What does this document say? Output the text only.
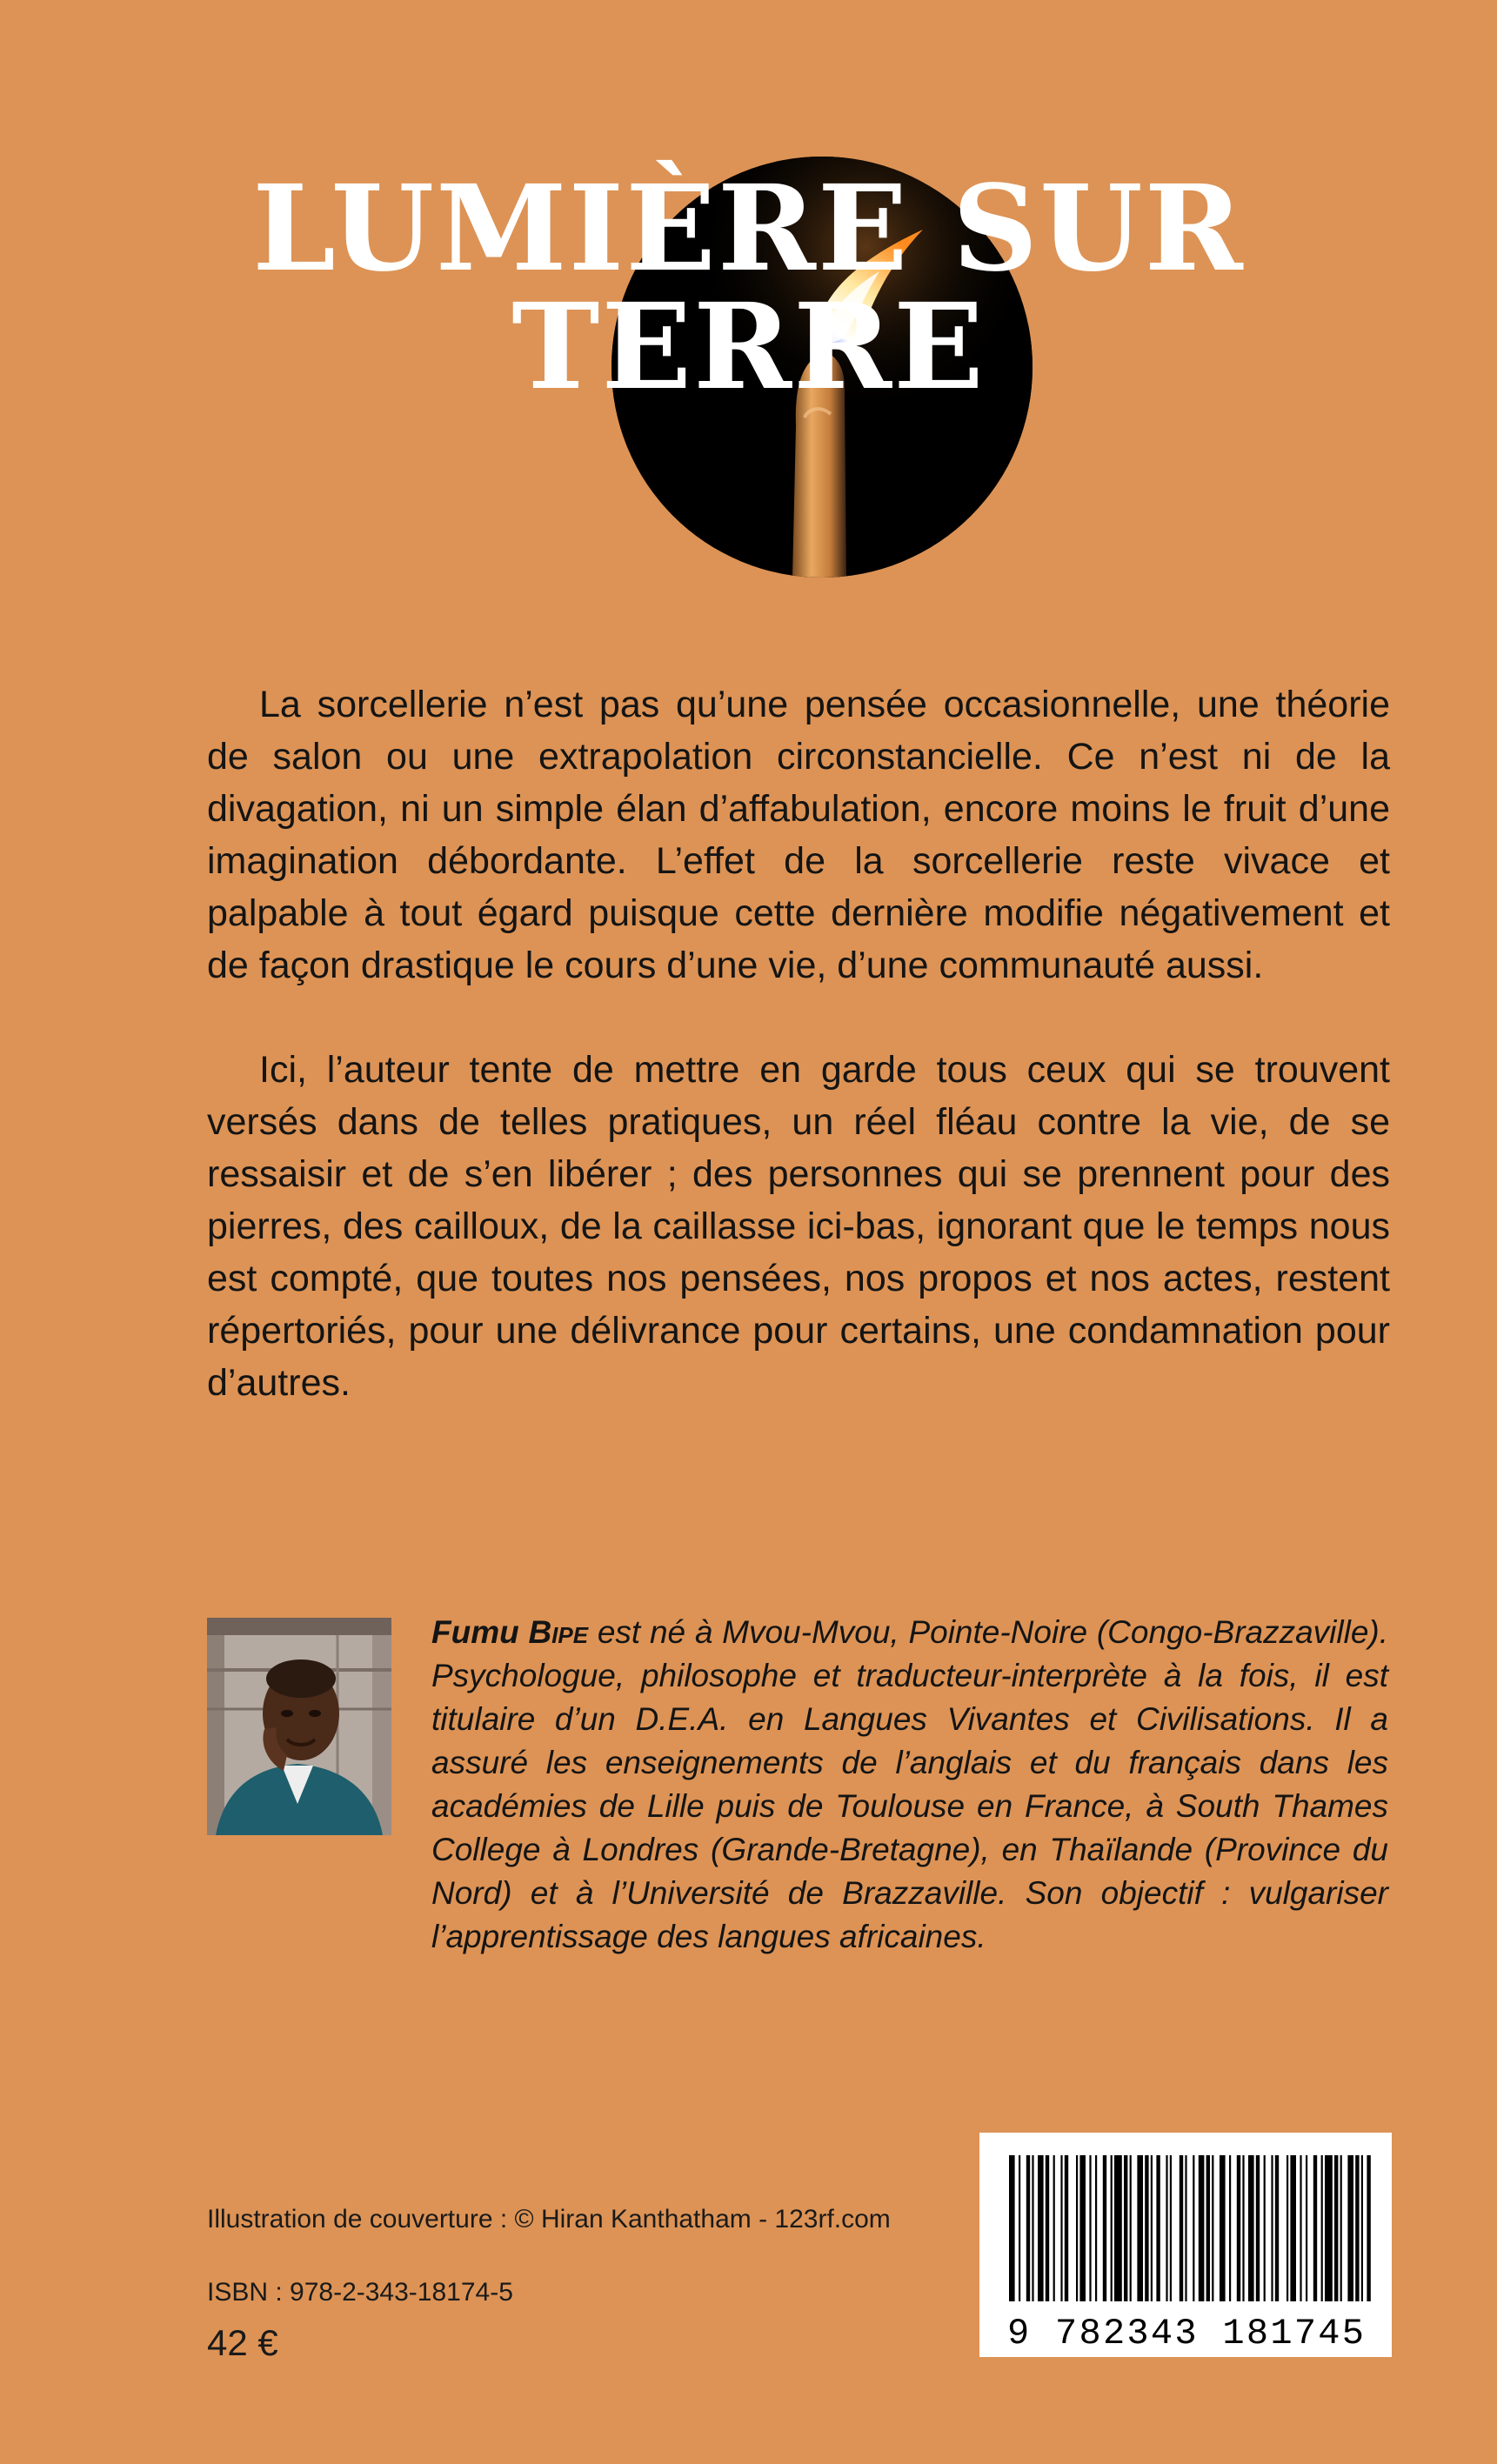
LUMIÈRE SUR TERRE

La sorcellerie n’est pas qu’une pensée occasionnelle, une théorie de salon ou une extrapolation circonstancielle. Ce n’est ni de la divagation, ni un simple élan d’affabulation, encore moins le fruit d’une imagination débordante. L’effet de la sorcellerie reste vivace et palpable à tout égard puisque cette dernière modifie négativement et de façon drastique le cours d’une vie, d’une communauté aussi.

Ici, l’auteur tente de mettre en garde tous ceux qui se trouvent versés dans de telles pratiques, un réel fléau contre la vie, de se ressaisir et de s’en libérer ; des personnes qui se prennent pour des pierres, des cailloux, de la caillasse ici-bas, ignorant que le temps nous est compté, que toutes nos pensées, nos propos et nos actes, restent répertoriés, pour une délivrance pour certains, une condamnation pour d’autres.

Fumu Bipe est né à Mvou-Mvou, Pointe-Noire (Congo-Brazzaville). Psychologue, philosophe et traducteur-interprète à la fois, il est titulaire d’un D.E.A. en Langues Vivantes et Civilisations. Il a assuré les enseignements de l’anglais et du français dans les académies de Lille puis de Toulouse en France, à South Thames College à Londres (Grande-Bretagne), en Thaïlande (Province du Nord) et à l’Université de Brazzaville. Son objectif : vulgariser l’apprentissage des langues africaines.
Illustration de couverture : © Hiran Kanthatham - 123rf.com
ISBN : 978-2-343-18174-5
42 €	9 782343 181745
